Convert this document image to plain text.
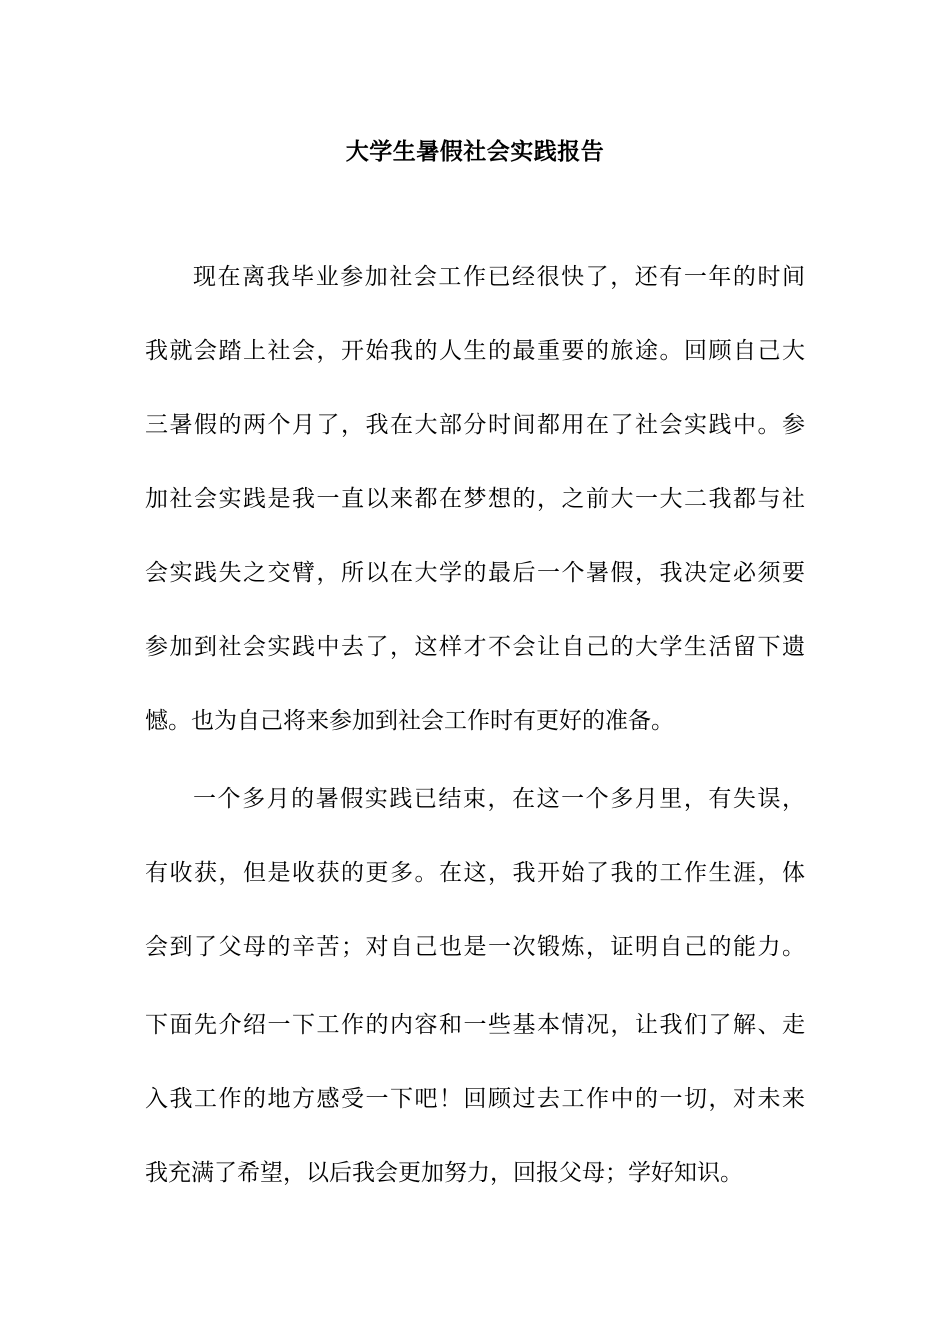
大学生暑假社会实践报告
现在离我毕业参加社会工作已经很快了，还有一年的时间
我就会踏上社会，开始我的人生的最重要的旅途。回顾自己大
三暑假的两个月了，我在大部分时间都用在了社会实践中。参
加社会实践是我一直以来都在梦想的，之前大一大二我都与社
会实践失之交臂，所以在大学的最后一个暑假，我决定必须要
参加到社会实践中去了，这样才不会让自己的大学生活留下遗
憾。也为自己将来参加到社会工作时有更好的准备。
一个多月的暑假实践已结束，在这一个多月里，有失误，
有收获，但是收获的更多。在这，我开始了我的工作生涯，体
会到了父母的辛苦；对自己也是一次锻炼，证明自己的能力。
下面先介绍一下工作的内容和一些基本情况，让我们了解、走
入我工作的地方感受一下吧！回顾过去工作中的一切，对未来
我充满了希望，以后我会更加努力，回报父母；学好知识。
